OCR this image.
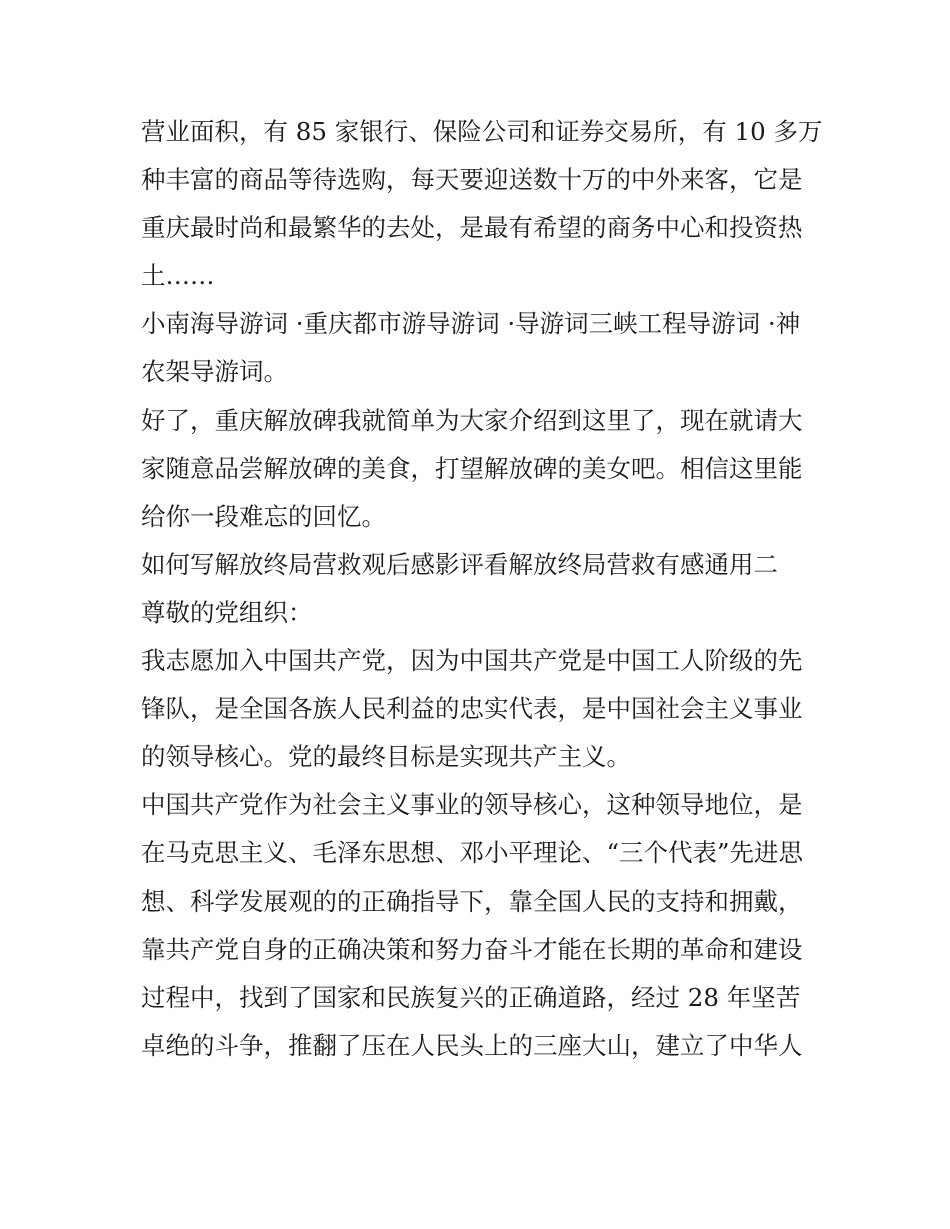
营业面积，有 85 家银行、保险公司和证券交易所，有 10 多万
种丰富的商品等待选购，每天要迎送数十万的中外来客，它是
重庆最时尚和最繁华的去处，是最有希望的商务中心和投资热
土……
小南海导游词 ·重庆都市游导游词 ·导游词三峡工程导游词 ·神
农架导游词。
好了，重庆解放碑我就简单为大家介绍到这里了，现在就请大
家随意品尝解放碑的美食，打望解放碑的美女吧。相信这里能
给你一段难忘的回忆。
如何写解放终局营救观后感影评看解放终局营救有感通用二
尊敬的党组织：
我志愿加入中国共产党，因为中国共产党是中国工人阶级的先
锋队，是全国各族人民利益的忠实代表，是中国社会主义事业
的领导核心。党的最终目标是实现共产主义。
中国共产党作为社会主义事业的领导核心，这种领导地位，是
在马克思主义、毛泽东思想、邓小平理论、“三个代表”先进思
想、科学发展观的的正确指导下，靠全国人民的支持和拥戴，
靠共产党自身的正确决策和努力奋斗才能在长期的革命和建设
过程中，找到了国家和民族复兴的正确道路，经过 28 年坚苦
卓绝的斗争，推翻了压在人民头上的三座大山，建立了中华人
